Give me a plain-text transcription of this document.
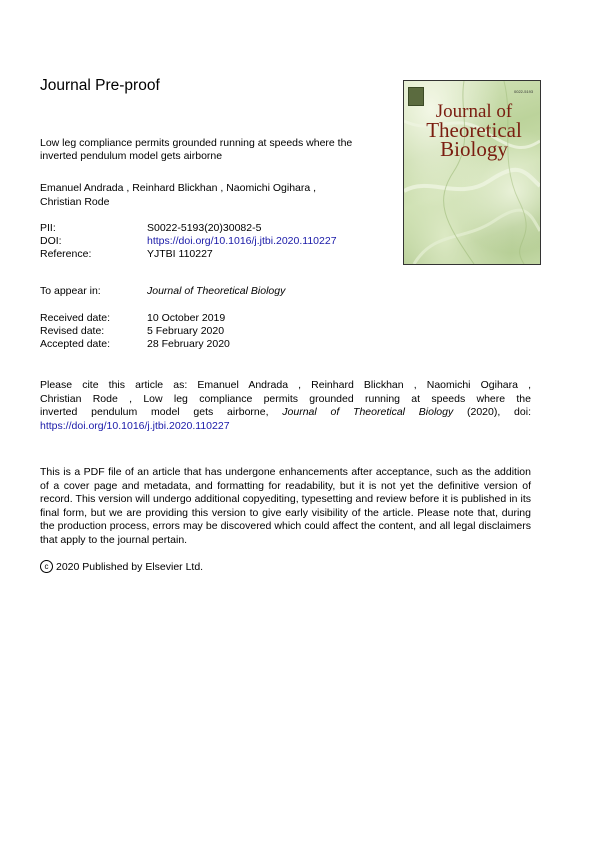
Journal Pre-proof
Low leg compliance permits grounded running at speeds where the inverted pendulum model gets airborne
Emanuel Andrada , Reinhard Blickhan , Naomichi Ogihara ,
Christian Rode
PII:	S0022-5193(20)30082-5
DOI:	https://doi.org/10.1016/j.jtbi.2020.110227
Reference:	YJTBI 110227
To appear in:	Journal of Theoretical Biology
Received date:	10 October 2019
Revised date:	5 February 2020
Accepted date:	28 February 2020
Please cite this article as: Emanuel Andrada , Reinhard Blickhan , Naomichi Ogihara ,
Christian Rode , Low leg compliance permits grounded running at speeds where the
inverted pendulum model gets airborne, Journal of Theoretical Biology (2020), doi:
https://doi.org/10.1016/j.jtbi.2020.110227
This is a PDF file of an article that has undergone enhancements after acceptance, such as the addition of a cover page and metadata, and formatting for readability, but it is not yet the definitive version of record. This version will undergo additional copyediting, typesetting and review before it is published in its final form, but we are providing this version to give early visibility of the article. Please note that, during the production process, errors may be discovered which could affect the content, and all legal disclaimers that apply to the journal pertain.
c 2020 Published by Elsevier Ltd.
0022-5193
Journal of
Theoretical
Biology
